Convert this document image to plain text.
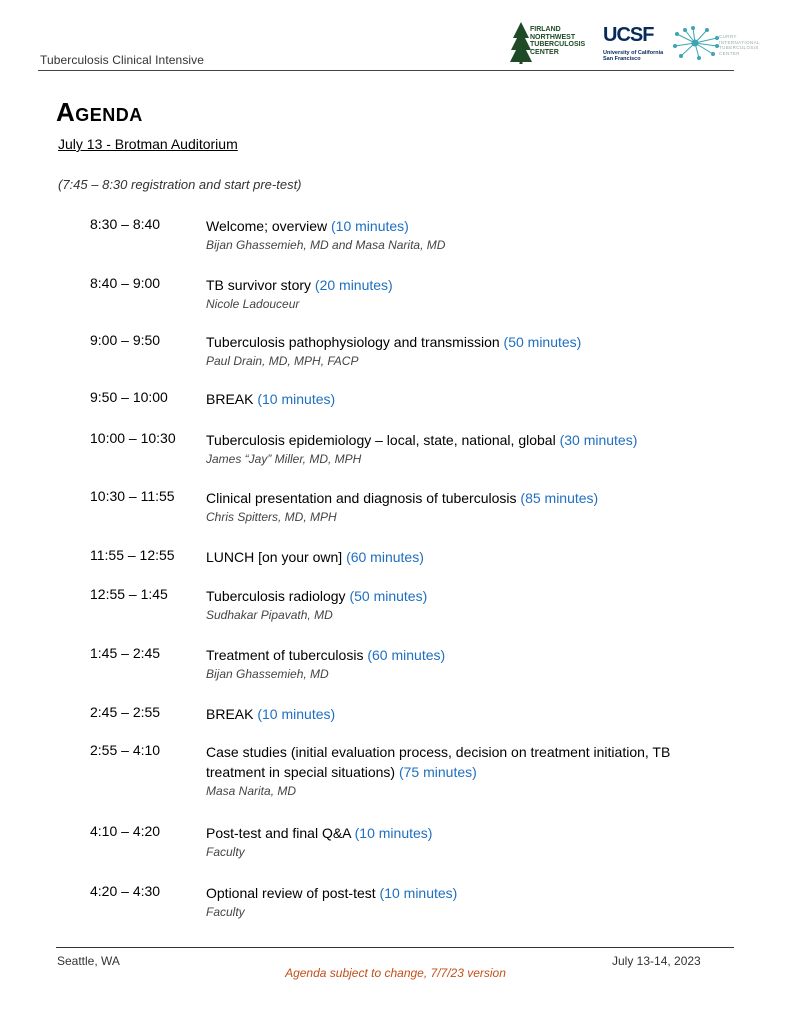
Tuberculosis Clinical Intensive
FIRLAND
NORTHWEST
TUBERCULOSIS
CENTER
UCSF
University of California
San Francisco
CURRY
INTERNATIONAL
TUBERCULOSIS
CENTER
Agenda
July 13 - Brotman Auditorium
(7:45 – 8:30 registration and start pre-test)
8:30 – 8:40	Welcome; overview (10 minutes)
Bijan Ghassemieh, MD and Masa Narita, MD
8:40 – 9:00	TB survivor story (20 minutes)
Nicole Ladouceur
9:00 – 9:50	Tuberculosis pathophysiology and transmission (50 minutes)
Paul Drain, MD, MPH, FACP
9:50 – 10:00	BREAK (10 minutes)
10:00 – 10:30 Tuberculosis epidemiology – local, state, national, global (30 minutes)
James “Jay” Miller, MD, MPH
10:30 – 11:55 Clinical presentation and diagnosis of tuberculosis (85 minutes)
Chris Spitters, MD, MPH
11:55 – 12:55 LUNCH [on your own] (60 minutes)
12:55 – 1:45	Tuberculosis radiology (50 minutes)
Sudhakar Pipavath, MD
1:45 – 2:45	Treatment of tuberculosis (60 minutes)
Bijan Ghassemieh, MD
2:45 – 2:55	BREAK (10 minutes)
2:55 – 4:10	Case studies (initial evaluation process, decision on treatment initiation, TB treatment in special situations) (75 minutes)
Masa Narita, MD
4:10 – 4:20	Post-test and final Q&A (10 minutes)
Faculty
4:20 – 4:30	Optional review of post-test (10 minutes)
Faculty
Seattle, WA	July 13-14, 2023
Agenda subject to change, 7/7/23 version
